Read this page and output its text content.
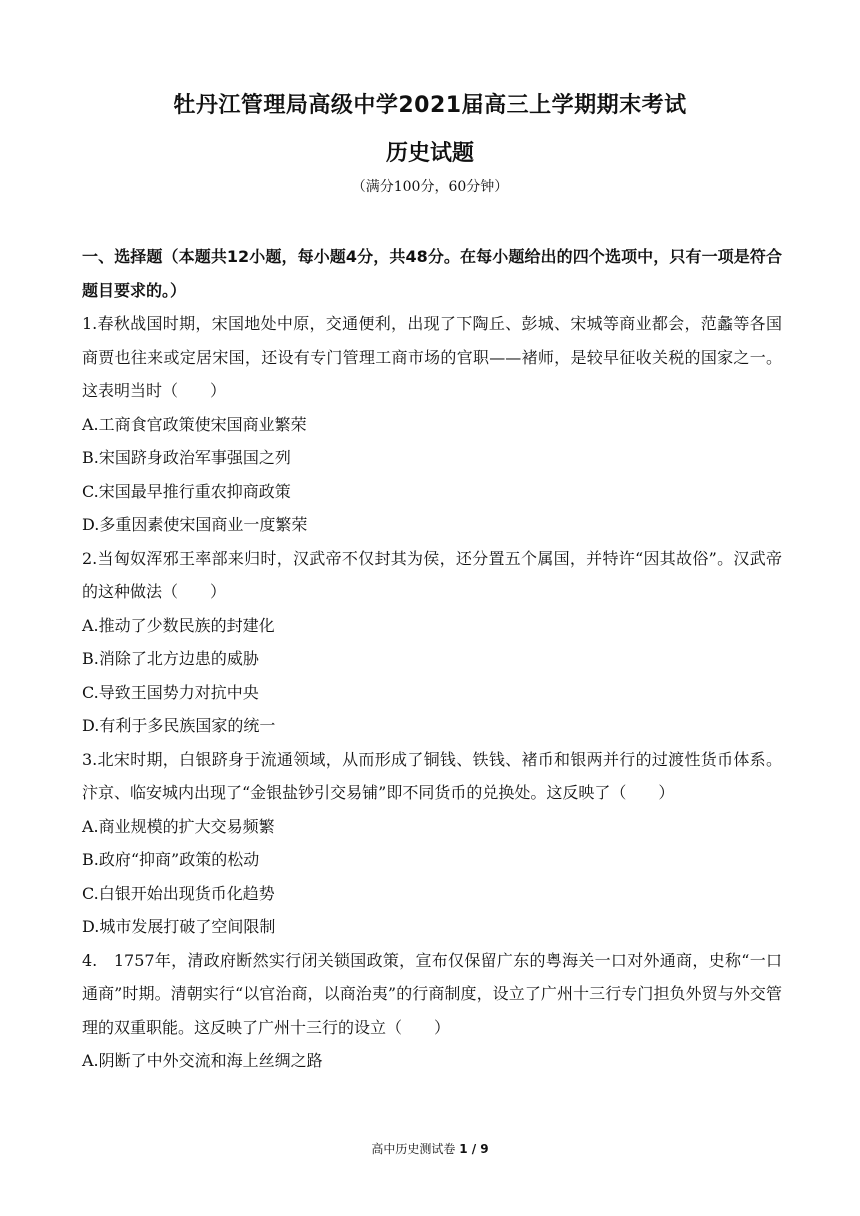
牡丹江管理局高级中学2021届高三上学期期末考试
历史试题
（满分100分，60分钟）

一、选择题（本题共12小题，每小题4分，共48分。在每小题给出的四个选项中，只有一项是符合题目要求的。）

1.春秋战国时期，宋国地处中原，交通便利，出现了下陶丘、彭城、宋城等商业都会，范蠡等各国商贾也往来或定居宋国，还设有专门管理工商市场的官职——褚师，是较早征收关税的国家之一。这表明当时（　　）

A.工商食官政策使宋国商业繁荣

B.宋国跻身政治军事强国之列

C.宋国最早推行重农抑商政策

D.多重因素使宋国商业一度繁荣

2.当匈奴浑邪王率部来归时，汉武帝不仅封其为侯，还分置五个属国，并特许“因其故俗”。汉武帝的这种做法（　　）

A.推动了少数民族的封建化

B.消除了北方边患的威胁

C.导致王国势力对抗中央

D.有利于多民族国家的统一

3.北宋时期，白银跻身于流通领域，从而形成了铜钱、铁钱、褚币和银两并行的过渡性货币体系。汴京、临安城内出现了“金银盐钞引交易铺”即不同货币的兑换处。这反映了（　　）

A.商业规模的扩大交易频繁

B.政府“抑商”政策的松动

C.白银开始出现货币化趋势

D.城市发展打破了空间限制

4.　1757年，清政府断然实行闭关锁国政策，宣布仅保留广东的粤海关一口对外通商，史称“一口通商”时期。清朝实行“以官治商，以商治夷”的行商制度，设立了广州十三行专门担负外贸与外交管理的双重职能。这反映了广州十三行的设立（　　）

A.阴断了中外交流和海上丝绸之路

高中历史测试卷 1 / 9
